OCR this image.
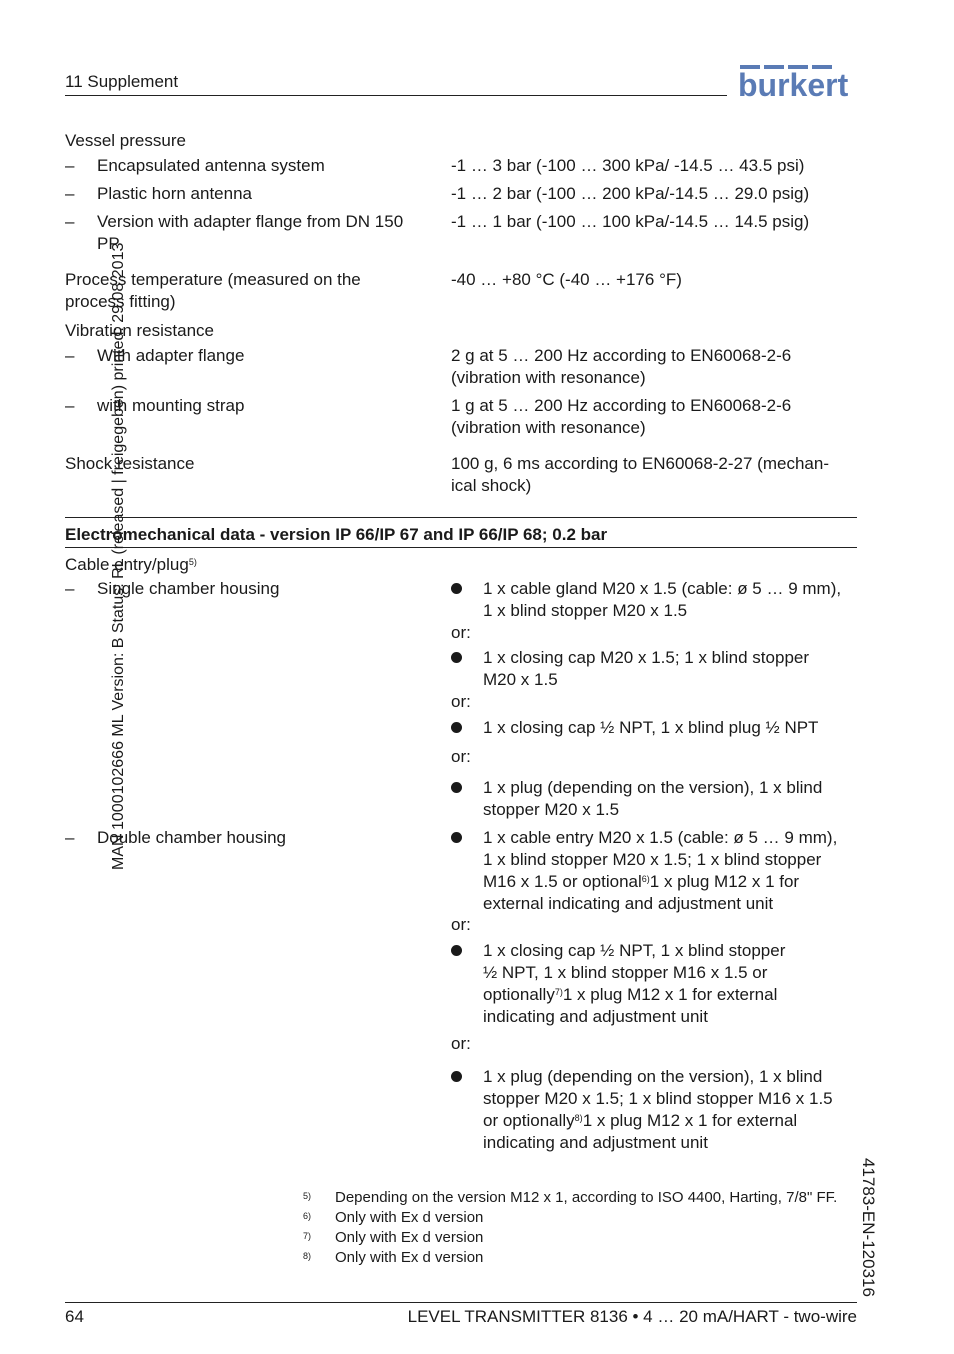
11 Supplement	burkert
Vessel pressure
– Encapsulated antenna system	-1 … 3 bar (-100 … 300 kPa/ -14.5 … 43.5 psi)
– Plastic horn antenna	-1 … 2 bar (-100 … 200 kPa/-14.5 … 29.0 psig)
– Version with adapter flange from DN 150
PP
-1 … 1 bar (-100 … 100 kPa/-14.5 … 14.5 psig)
Process temperature (measured on the
process fitting)
-40 … +80 °C (-40 … +176 °F)
Vibration resistance
– With adapter flange	2 g at 5 … 200 Hz according to EN60068-2-6
(vibration with resonance)
– with mounting strap	1 g at 5 … 200 Hz according to EN60068-2-6
(vibration with resonance)
Shock resistance	100 g, 6 ms according to EN60068-2-27 (mechan-
ical shock)
Electromechanical data - version IP 66/IP 67 and IP 66/IP 68; 0.2 bar
Cable entry/plug$^{5)}$
– Single chamber housing	1 x cable gland M20 x 1.5 (cable: ø 5 … 9 mm),
1 x blind stopper M20 x 1.5
or:
1 x closing cap M20 x 1.5; 1 x blind stopper
M20 x 1.5
or:
1 x closing cap ½ NPT, 1 x blind plug ½ NPT
or:
1 x plug (depending on the version), 1 x blind
stopper M20 x 1.5
– Double chamber housing	1 x cable entry M20 x 1.5 (cable: ø 5 … 9 mm),
1 x blind stopper M20 x 1.5; 1 x blind stopper
M16 x 1.5 or optional$^{6)}$1 x plug M12 x 1 for
external indicating and adjustment unit
or:
1 x closing cap ½ NPT, 1 x blind stopper
½ NPT, 1 x blind stopper M16 x 1.5 or
optionally$^{7)}$1 x plug M12 x 1 for external
indicating and adjustment unit
or:
1 x plug (depending on the version), 1 x blind
stopper M20 x 1.5; 1 x blind stopper M16 x 1.5
or optionally$^{8)}$1 x plug M12 x 1 for external
indicating and adjustment unit
5) Depending on the version M12 x 1, according to ISO 4400, Harting, 7/8" FF.
6) Only with Ex d version
7) Only with Ex d version
8) Only with Ex d version
MAN 1000102666 ML Version: B Status: RL (released | freigegeben) printed: 29.08.2013
41783-EN-120316
64	LEVEL TRANSMITTER 8136 • 4 … 20 mA/HART - two-wire
